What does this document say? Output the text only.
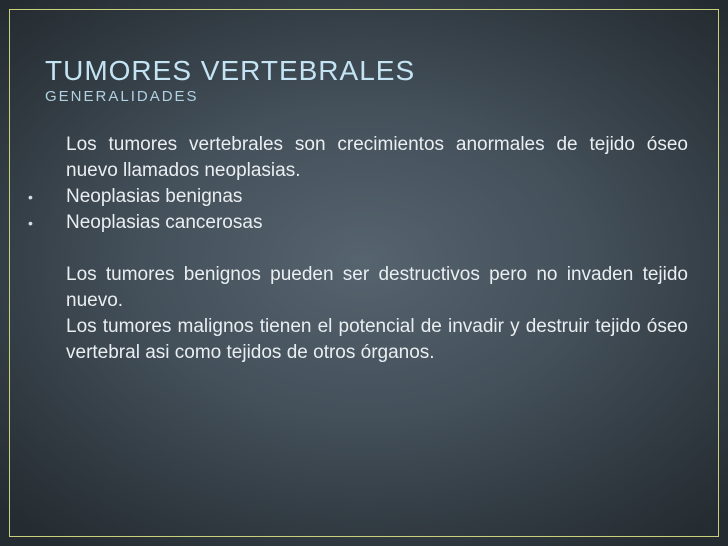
TUMORES VERTEBRALES
GENERALIDADES
Los tumores vertebrales son crecimientos anormales de tejido óseo nuevo llamados neoplasias.
•	Neoplasias benignas
•	Neoplasias cancerosas
Los tumores benignos pueden ser destructivos pero no invaden tejido nuevo.
Los tumores malignos tienen el potencial de invadir y destruir tejido óseo vertebral asi como tejidos de otros órganos.
